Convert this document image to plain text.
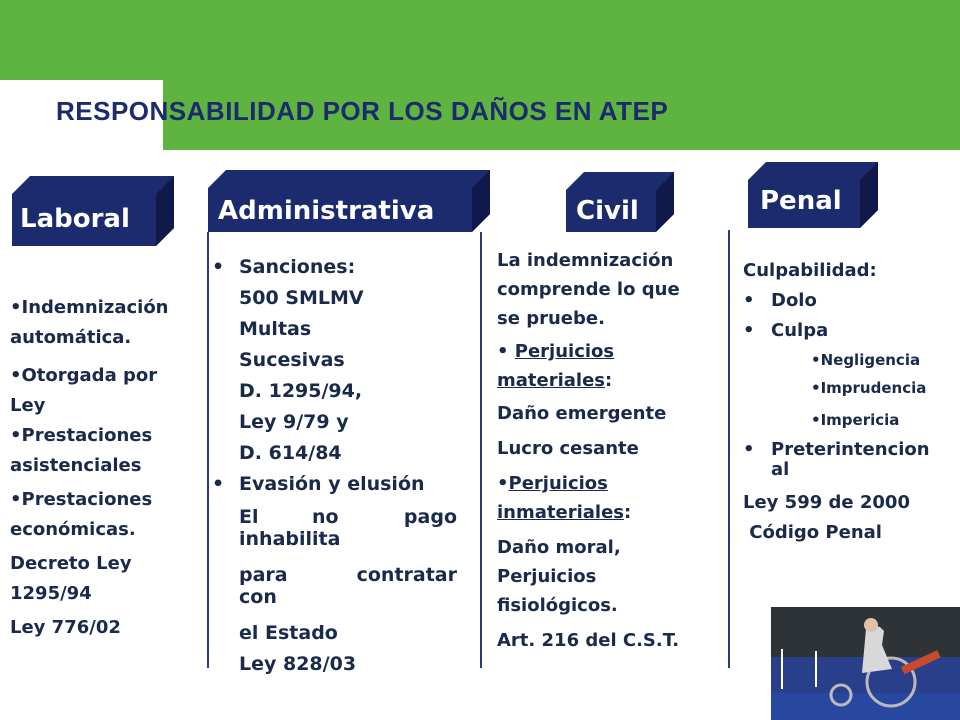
RESPONSABILIDAD POR LOS DAÑOS EN ATEP
Laboral	Administrativa	Civil	Penal
•Indemnización
automática.
•Otorgada por
Ley
•Prestaciones
asistenciales
•Prestaciones
económicas.
Decreto Ley
1295/94
Ley 776/02
•Sanciones:
500 SMLMV
Multas
Sucesivas
D. 1295/94,
Ley 9/79 y
D. 614/84
•Evasión y elusión
El	no	pago
inhabilita
para	contratar
con
el Estado
Ley 828/03
La indemnización
comprende lo que
se pruebe.
• Perjuicios
materiales:
Daño emergente
Lucro cesante
•Perjuicios
inmateriales:
Daño moral,
Perjuicios
fisiológicos.
Art. 216 del C.S.T.
Culpabilidad:
•Dolo
•Culpa
•Negligencia
•Imprudencia
•Impericia
•Preterintencion
al
Ley 599 de 2000
Código Penal
